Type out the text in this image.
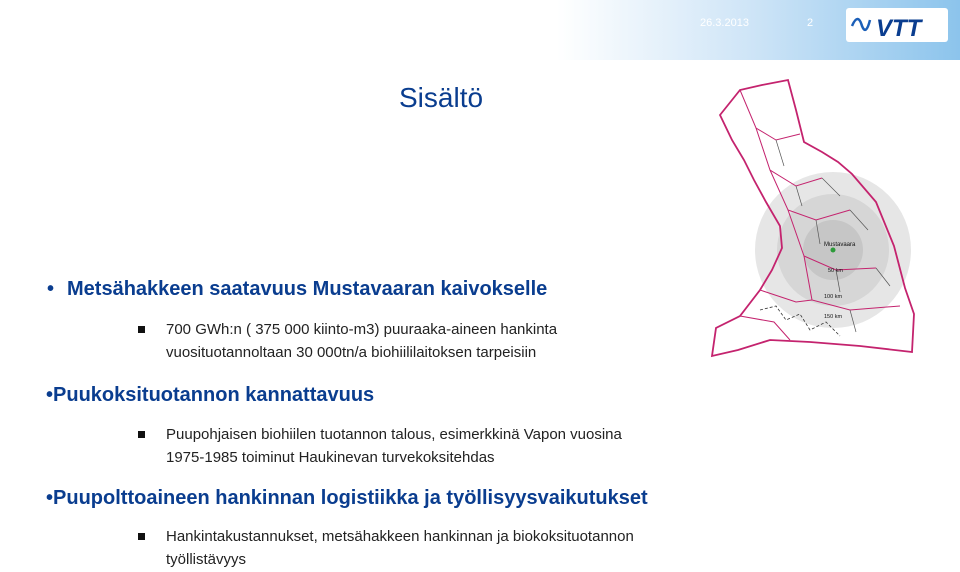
26.3.2013	2	VTT
Sisältö
Mustavaara
50 km
100 km
150 km
• Metsähakkeen saatavuus Mustavaaran kaivokselle
700 GWh:n ( 375 000 kiinto-m3) puuraaka-aineen hankinta
vuosituotannoltaan 30 000tn/a biohiililaitoksen tarpeisiin
•Puukoksituotannon kannattavuus
Puupohjaisen biohiilen tuotannon talous, esimerkkinä Vapon vuosina
1975-1985 toiminut Haukinevan turvekoksitehdas
•Puupolttoaineen hankinnan logistiikka ja työllisyysvaikutukset
Hankintakustannukset, metsähakkeen hankinnan ja biokoksituotannon
työllistävyys
